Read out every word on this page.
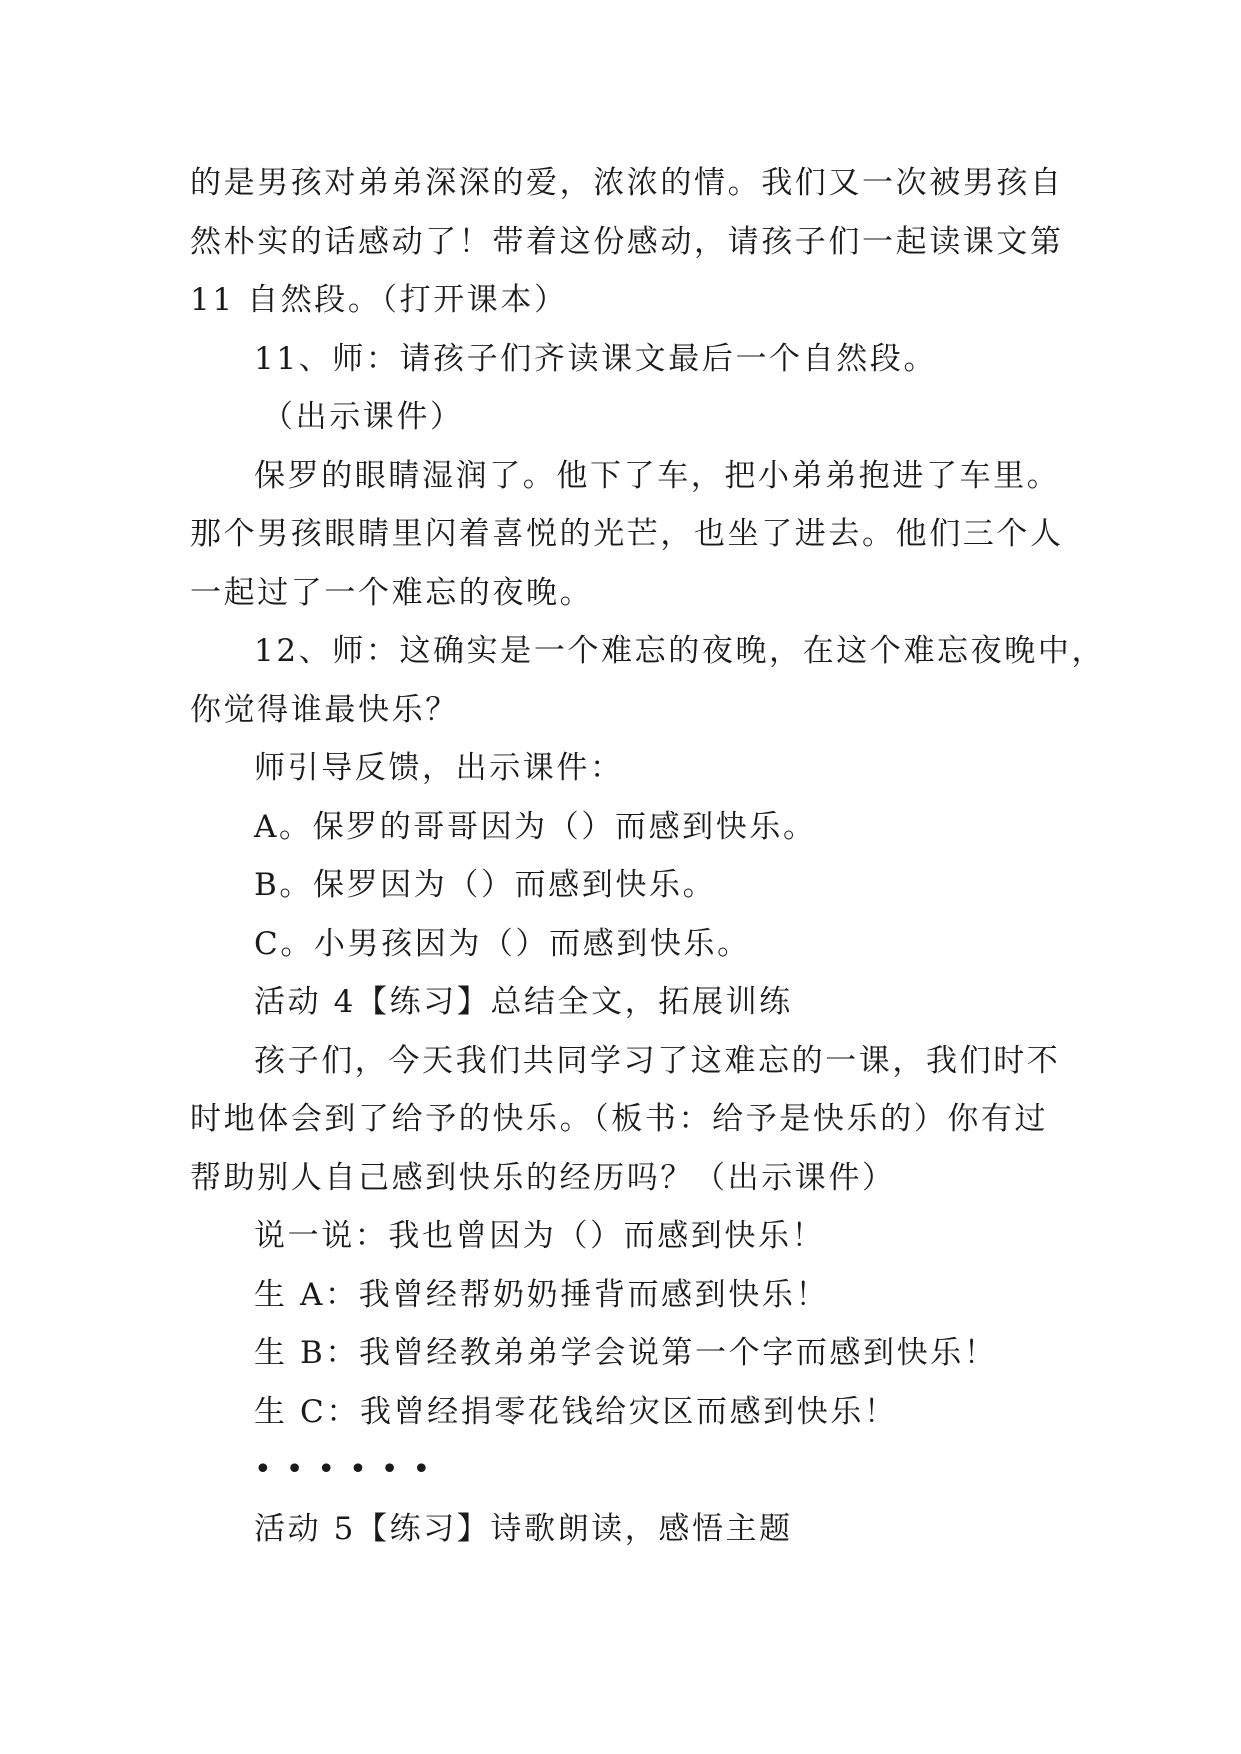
的是男孩对弟弟深深的爱，浓浓的情。我们又一次被男孩自
然朴实的话感动了！带着这份感动，请孩子们一起读课文第
11 自然段。（打开课本）
11、师：请孩子们齐读课文最后一个自然段。
（出示课件）
保罗的眼睛湿润了。他下了车，把小弟弟抱进了车里。
那个男孩眼睛里闪着喜悦的光芒，也坐了进去。他们三个人
一起过了一个难忘的夜晚。
12、师：这确实是一个难忘的夜晚，在这个难忘夜晚中，
你觉得谁最快乐？
师引导反馈，出示课件：
A。保罗的哥哥因为（）而感到快乐。
B。保罗因为（）而感到快乐。
C。小男孩因为（）而感到快乐。
活动 4【练习】总结全文，拓展训练
孩子们，今天我们共同学习了这难忘的一课，我们时不
时地体会到了给予的快乐。（板书：给予是快乐的）你有过
帮助别人自己感到快乐的经历吗？（出示课件）
说一说：我也曾因为（）而感到快乐！
生 A：我曾经帮奶奶捶背而感到快乐！
生 B：我曾经教弟弟学会说第一个字而感到快乐！
生 C：我曾经捐零花钱给灾区而感到快乐！
••••••
活动 5【练习】诗歌朗读，感悟主题
